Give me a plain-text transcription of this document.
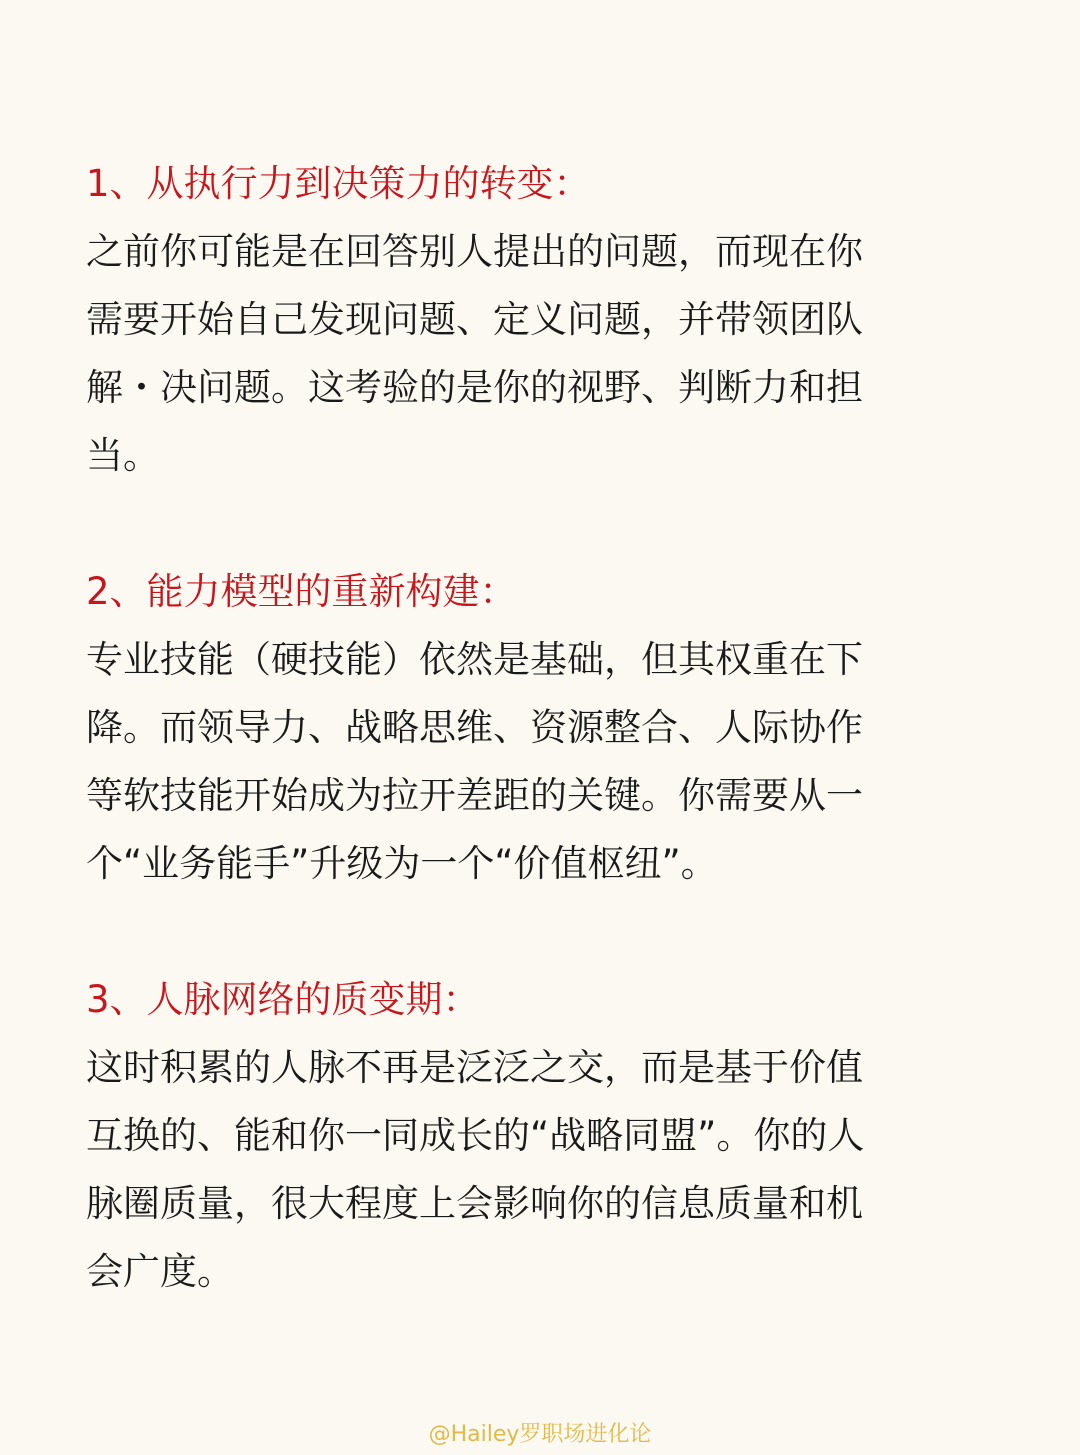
1、从执行力到决策力的转变：

之前你可能是在回答别人提出的问题，而现在你

需要开始自己发现问题、定义问题，并带领团队

解・决问题。这考验的是你的视野、判断力和担

当。

2、能力模型的重新构建：

专业技能（硬技能）依然是基础，但其权重在下

降。而领导力、战略思维、资源整合、人际协作

等软技能开始成为拉开差距的关键。你需要从一

个“业务能手”升级为一个“价值枢纽”。

3、人脉网络的质变期：

这时积累的人脉不再是泛泛之交，而是基于价值

互换的、能和你一同成长的“战略同盟”。你的人

脉圈质量，很大程度上会影响你的信息质量和机

会广度。

@Hailey罗职场进化论
